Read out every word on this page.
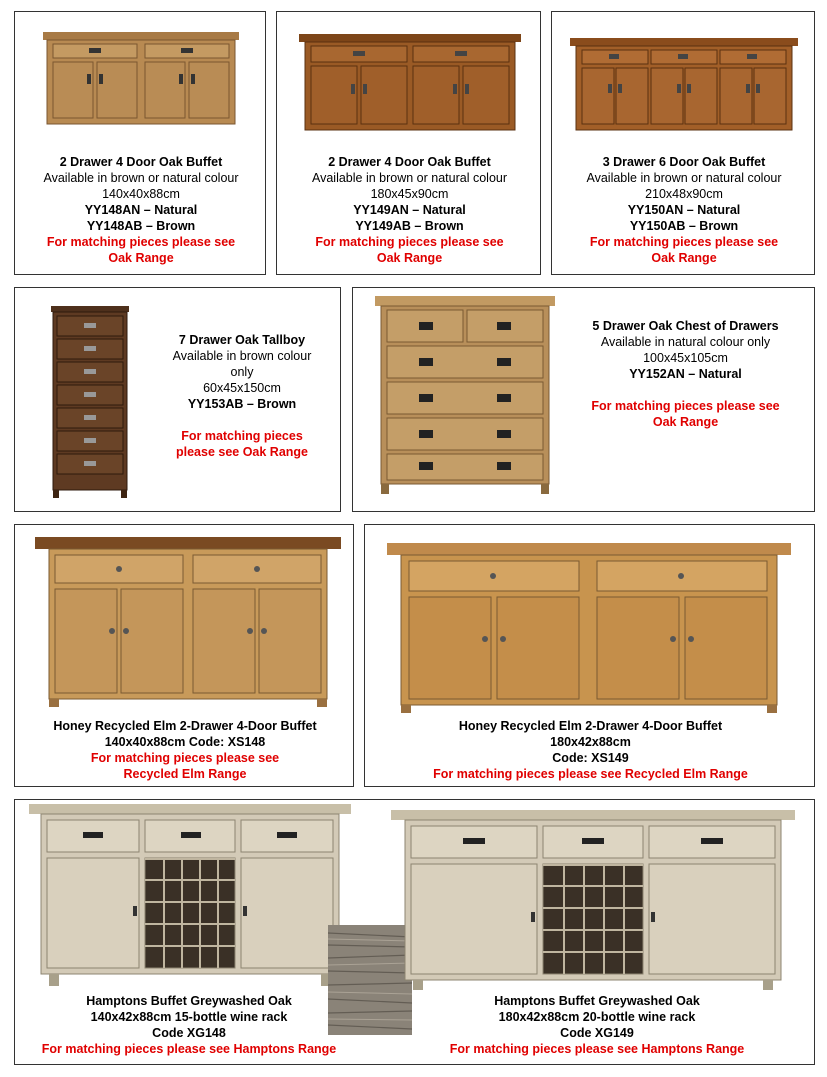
2 Drawer 4 Door Oak Buffet
Available in brown or natural colour
140x40x88cm
YY148AN – Natural
YY148AB – Brown
For matching pieces please see
Oak Range
2 Drawer 4 Door Oak Buffet
Available in brown or natural colour
180x45x90cm
YY149AN – Natural
YY149AB – Brown
For matching pieces please see
Oak Range
3 Drawer 6 Door Oak Buffet
Available in brown or natural colour
210x48x90cm
YY150AN – Natural
YY150AB – Brown
For matching pieces please see
Oak Range
7 Drawer Oak Tallboy
Available in brown colour
only
60x45x150cm
YY153AB – Brown
For matching pieces
please see Oak Range
5 Drawer Oak Chest of Drawers
Available in natural colour only
100x45x105cm
YY152AN – Natural
For matching pieces please see
Oak Range
Honey Recycled Elm 2-Drawer 4-Door Buffet
140x40x88cm Code: XS148
For matching pieces please see
Recycled Elm Range
Honey Recycled Elm 2-Drawer 4-Door Buffet
180x42x88cm
Code: XS149
For matching pieces please see Recycled Elm Range
Hamptons Buffet Greywashed Oak
140x42x88cm 15-bottle wine rack
Code XG148
For matching pieces please see Hamptons Range
Hamptons Buffet Greywashed Oak
180x42x88cm 20-bottle wine rack
Code XG149
For matching pieces please see Hamptons Range
